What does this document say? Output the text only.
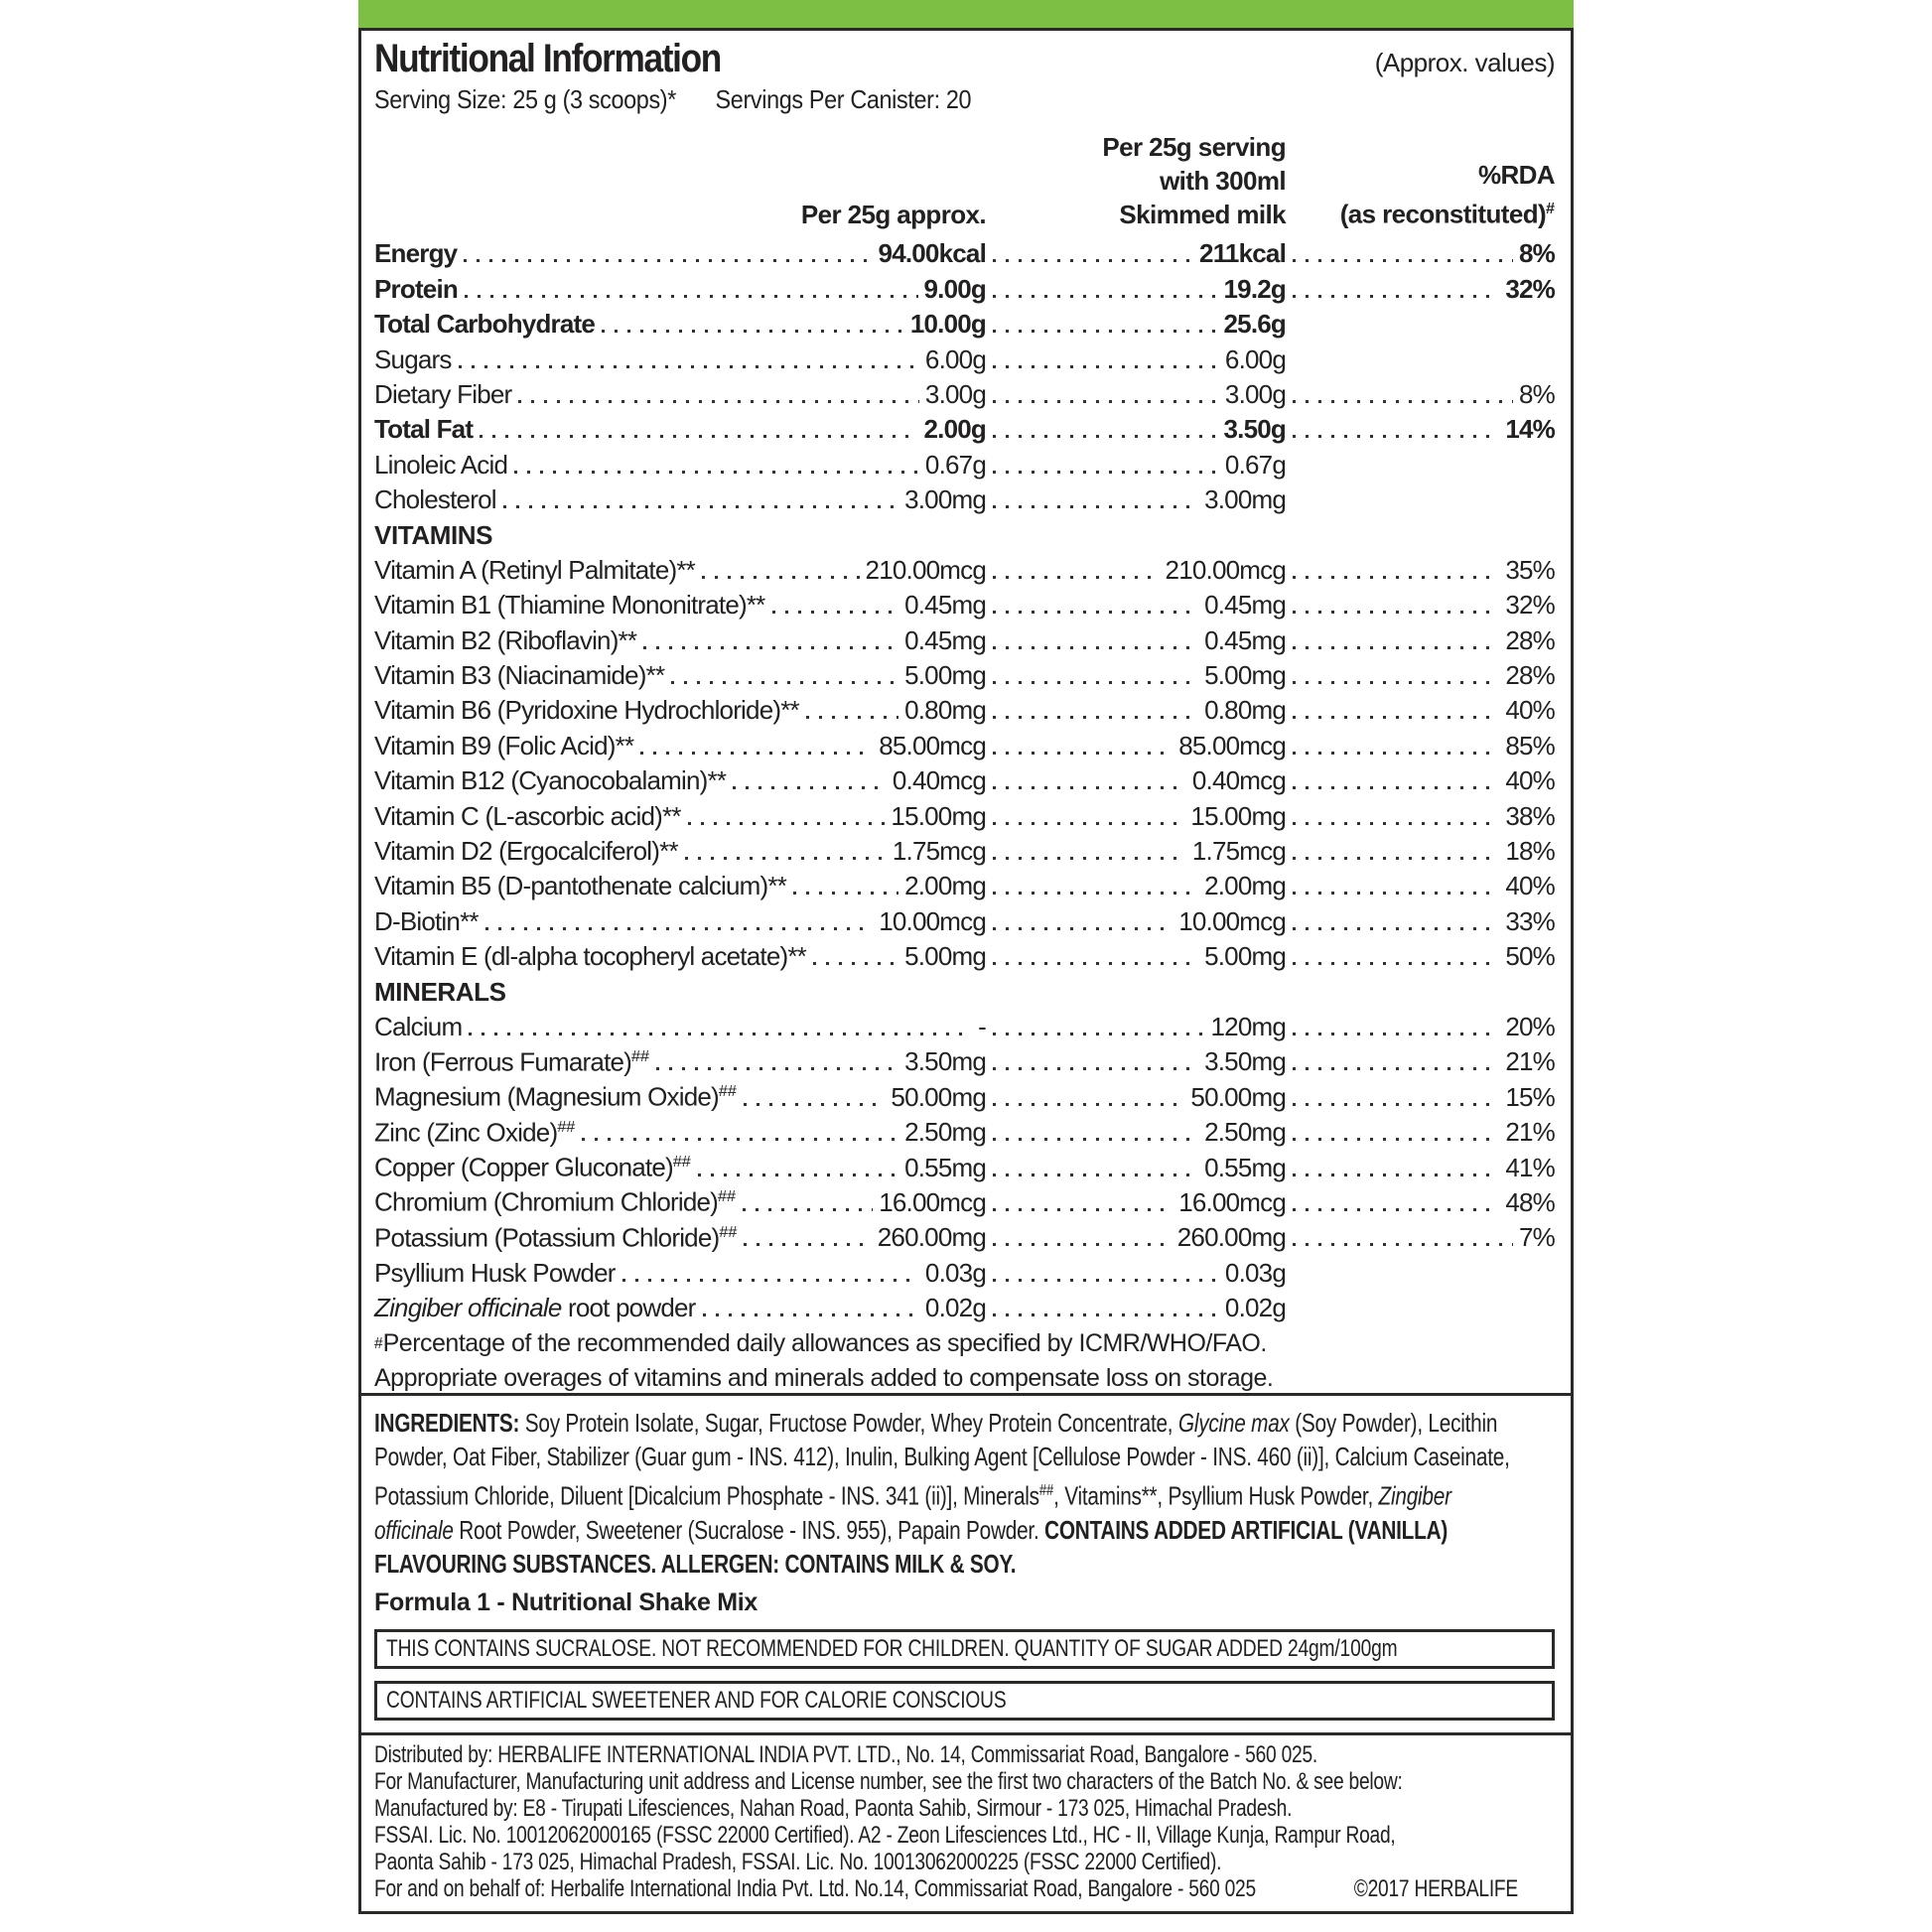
Nutritional Information	(Approx. values)
Serving Size: 25 g (3 scoops)* Servings Per Canister: 20
Per 25g approx.
Per 25g serving
with 300ml
Skimmed milk
%RDA
(as reconstituted)#
Energy	94.00kcal	211kcal	8%
Protein	9.00g	19.2g	32%
Total Carbohydrate	10.00g	25.6g
Sugars	6.00g	6.00g
Dietary Fiber	3.00g	3.00g	8%
Total Fat	2.00g	3.50g	14%
Linoleic Acid	0.67g	0.67g
Cholesterol	3.00mg	3.00mg
VITAMINS
Vitamin A (Retinyl Palmitate)**	210.00mcg	210.00mcg	35%
Vitamin B1 (Thiamine Mononitrate)**	0.45mg	0.45mg	32%
Vitamin B2 (Riboflavin)**	0.45mg	0.45mg	28%
Vitamin B3 (Niacinamide)**	5.00mg	5.00mg	28%
Vitamin B6 (Pyridoxine Hydrochloride)**	0.80mg	0.80mg	40%
Vitamin B9 (Folic Acid)**	85.00mcg	85.00mcg	85%
Vitamin B12 (Cyanocobalamin)**	0.40mcg	0.40mcg	40%
Vitamin C (L-ascorbic acid)**	15.00mg	15.00mg	38%
Vitamin D2 (Ergocalciferol)**	1.75mcg	1.75mcg	18%
Vitamin B5 (D-pantothenate calcium)**	2.00mg	2.00mg	40%
D-Biotin**	10.00mcg	10.00mcg	33%
Vitamin E (dl-alpha tocopheryl acetate)**	5.00mg	5.00mg	50%
MINERALS
Calcium	-	120mg	20%
Iron (Ferrous Fumarate)##	3.50mg	3.50mg	21%
Magnesium (Magnesium Oxide)##	50.00mg	50.00mg	15%
Zinc (Zinc Oxide)##	2.50mg	2.50mg	21%
Copper (Copper Gluconate)##	0.55mg	0.55mg	41%
Chromium (Chromium Chloride)##	16.00mcg	16.00mcg	48%
Potassium (Potassium Chloride)##	260.00mg	260.00mg	7%
Psyllium Husk Powder	0.03g	0.03g
Zingiber officinale root powder	0.02g	0.02g
# Percentage of the recommended daily allowances as specified by ICMR/WHO/FAO.
Appropriate overages of vitamins and minerals added to compensate loss on storage.

INGREDIENTS: Soy Protein Isolate, Sugar, Fructose Powder, Whey Protein Concentrate, Glycine max (Soy Powder), Lecithin Powder, Oat Fiber, Stabilizer (Guar gum - INS. 412), Inulin, Bulking Agent [Cellulose Powder - INS. 460 (ii)], Calcium Caseinate, Potassium Chloride, Diluent [Dicalcium Phosphate - INS. 341 (ii)], Minerals##, Vitamins**, Psyllium Husk Powder, Zingiber officinale Root Powder, Sweetener (Sucralose - INS. 955), Papain Powder. CONTAINS ADDED ARTIFICIAL (VANILLA) FLAVOURING SUBSTANCES. ALLERGEN: CONTAINS MILK & SOY.

Formula 1 - Nutritional Shake Mix

THIS CONTAINS SUCRALOSE. NOT RECOMMENDED FOR CHILDREN. QUANTITY OF SUGAR ADDED 24gm/100gm
CONTAINS ARTIFICIAL SWEETENER AND FOR CALORIE CONSCIOUS

Distributed by: HERBALIFE INTERNATIONAL INDIA PVT. LTD., No. 14, Commissariat Road, Bangalore - 560 025.

For Manufacturer, Manufacturing unit address and License number, see the first two characters of the Batch No. & see below:

Manufactured by: E8 - Tirupati Lifesciences, Nahan Road, Paonta Sahib, Sirmour - 173 025, Himachal Pradesh.

FSSAI. Lic. No. 10012062000165 (FSSC 22000 Certified). A2 - Zeon Lifesciences Ltd., HC - II, Village Kunja, Rampur Road,

Paonta Sahib - 173 025, Himachal Pradesh, FSSAI. Lic. No. 10013062000225 (FSSC 22000 Certified).

For and on behalf of: Herbalife International India Pvt. Ltd. No.14, Commissariat Road, Bangalore - 560 025	©2017 HERBALIFE
